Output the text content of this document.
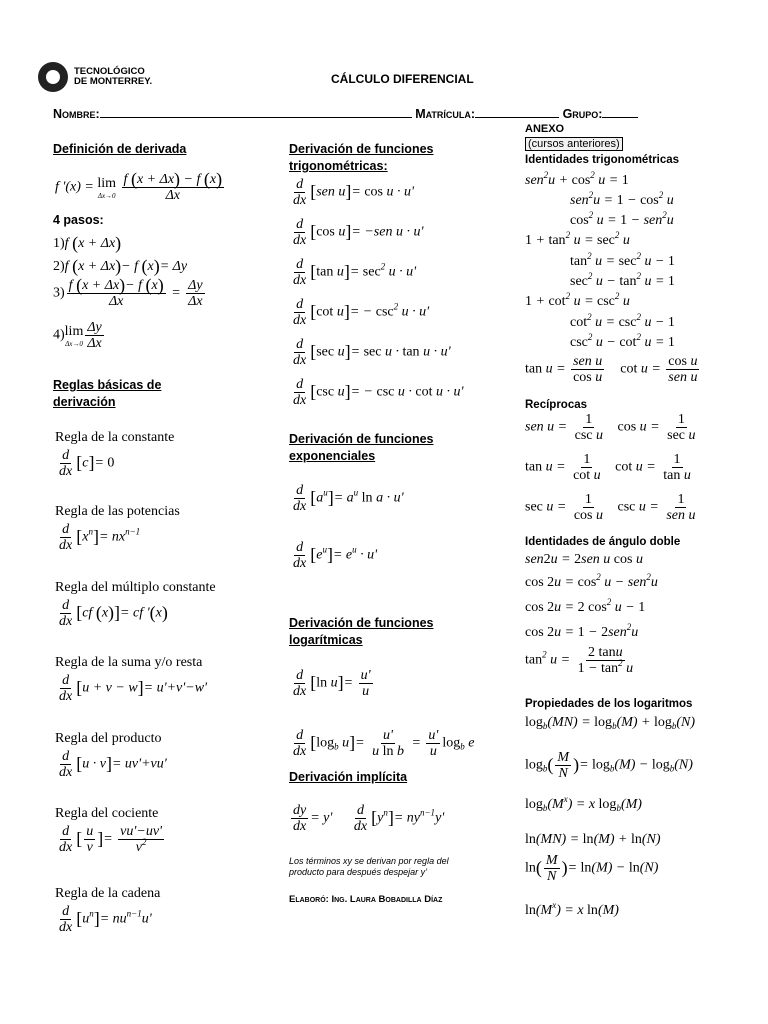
TECNOLÓGICO
DE MONTERREY.	CÁLCULO DIFERENCIAL
Nombre:	Matrícula:	Grupo:
Definición de derivada
f '(x) = lim
Δx→0
$\frac{f (x + \Delta x) - f (x)}{\Delta x}$
4 pasos:
1)f (x + Δx)
2)f (x + Δx)− f (x)= Δy
$3) \frac{f (x + \Delta x)- f (x)}{\Delta x} = \frac{\Delta y}{\Delta x}$
4) lim
$\Delta x\to 0 \frac{\Delta y}{\Delta x}$
Reglas básicas de
derivación
Regla de la constante
$\frac{d}{dx} [c]= 0$
Regla de las potencias
$\frac{d}{dx} [x^n]= nx^{n-1}$
Regla del múltiplo constante
$\frac{d}{dx} [cf$ (x)]= cf '(x)
Regla de la suma y/o resta
$\frac{d}{dx} [u + v - w]= u'+v'-w'$
Regla del producto
$\frac{d}{dx} [u \cdot v]= uv'+vu'$
Regla del cociente
$\frac{d}{dx}$ [ $\frac{u}{v}$ ]= $\frac{vu'-uv'}{v^2}$
Regla de la cadena
$\frac{d}{dx} [u^n]= nu^{n-1}u'$
Derivación de funciones
trigonométricas:
$\frac{d}{dx} [sen$ u]= cos u · u'
$\frac{d}{dx} [\cos$ u]= −sen u · u'
$\frac{d}{dx} [\tan$ $u]= \sec^2 u \cdot u'$
$\frac{d}{dx} [\cot$ $u]= - \csc^2 u \cdot u'$
$\frac{d}{dx} [\sec$ u]= sec u · tan u · u'
$\frac{d}{dx} [\csc$ u]= − csc u · cot u · u'
Derivación de funciones
exponenciales
$\frac{d}{dx} [a^u]= a^u$ ln a · u'
$\frac{d}{dx} [e^u]= e^u \cdot u'$
Derivación de funciones
logarítmicas
$\frac{d}{dx} [\ln$ $u]= \frac{u'}{u}$
$\frac{d}{dx} [\log_b$ $u]= \frac{u'}{\text{u ln b}} = \frac{u'}{u} \log_b e$
Derivación implícita
$\frac{dy}{dx} = y' \frac{d}{dx} [y^n]= ny^{n-1}y'$
Los términos xy se derivan por regla del
producto para después despejar y’
Elaboró: Ing. Laura Bobadilla Díaz
ANEXO
(cursos anteriores)
Identidades trigonométricas
$sen^2u + \cos^2 u = 1$
$sen^2u = 1 - \cos^2 u$
$\cos^2 u = 1 - sen^2u$
$1 + \tan^2 u = \sec^2 u$
$\tan^2 u = \sec^2 u - 1$
$\sec^2 u - \tan^2 u = 1$
$1 + \cot^2 u = \csc^2 u$
$\cot^2 u = \csc^2 u - 1$
$\csc^2 u - \cot^2 u = 1$
$\tan u = \frac{\text{sen u}}{\text{cos u}}$ $\cot u = \frac{\text{cos u}}{\text{sen u}}$
Recíprocas
sen $u = \frac{1}{\text{csc u}}$ $\cos u = \frac{1}{\text{sec u}}$
$\tan u = \frac{1}{\text{cot u}}$ $\cot u = \frac{1}{\text{tan u}}$
$\sec u = \frac{1}{\text{cos u}}$ $\csc u = \frac{1}{\text{sen u}}$
Identidades de ángulo doble
sen2u = 2sen u cos u
$\cos 2u = \cos^2 u - sen^2u$
cos 2u = 2 $\cos^2 u - 1$
cos 2u = 1 − 2sen$^2$u
$\tan^2 u = \frac{2 \tan u}{1 - \tan^2 u}$
Propiedades de los logaritmos
$\log_b(MN) = \log_b(M) + \log_b(N)$
$\log_b( \frac{M}{N}$ )= $\log_b(M) - \log_b(N)$
$\log_b(M^x) = x$ $\log_b(M)$
ln(MN) = ln(M) + ln(N)
$\ln( \frac{M}{N}$ )= ln(M) − ln(N)
$\ln(M^x) = x$ ln(M)
